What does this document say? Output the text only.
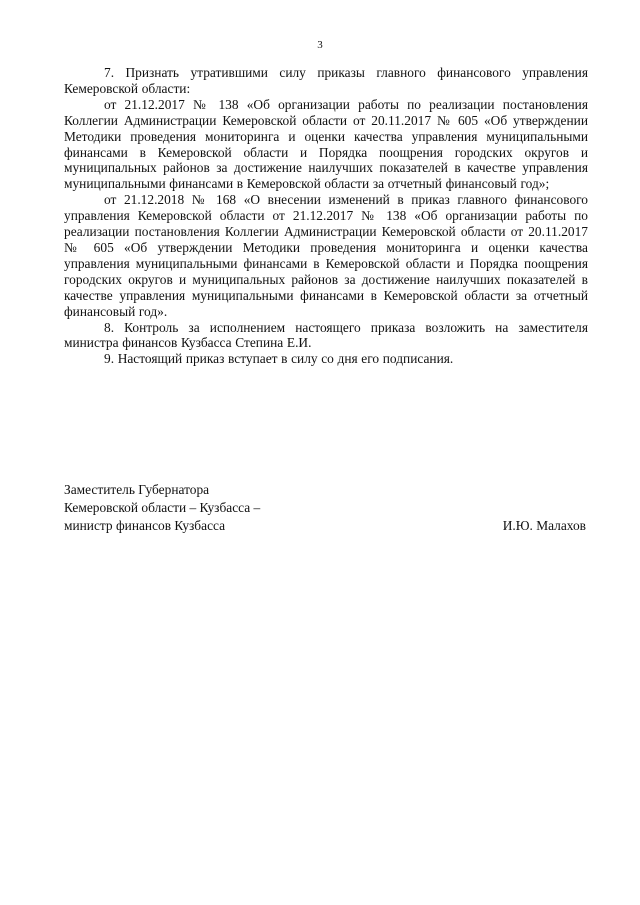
3

7. Признать утратившими силу приказы главного финансового управления Кемеровской области:

от 21.12.2017 № 138 «Об организации работы по реализации постановления Коллегии Администрации Кемеровской области от 20.11.2017 № 605 «Об утверждении Методики проведения мониторинга и оценки качества управления муниципальными финансами в Кемеровской области и Порядка поощрения городских округов и муниципальных районов за достижение наилучших показателей в качестве управления муниципальными финансами в Кемеровской области за отчетный финансовый год»;

от 21.12.2018 № 168 «О внесении изменений в приказ главного финансового управления Кемеровской области от 21.12.2017 № 138 «Об организации работы по реализации постановления Коллегии Администрации Кемеровской области от 20.11.2017 № 605 «Об утверждении Методики проведения мониторинга и оценки качества управления муниципальными финансами в Кемеровской области и Порядка поощрения городских округов и муниципальных районов за достижение наилучших показателей в качестве управления муниципальными финансами в Кемеровской области за отчетный финансовый год».

8. Контроль за исполнением настоящего приказа возложить на заместителя министра финансов Кузбасса Степина Е.И.

9. Настоящий приказ вступает в силу со дня его подписания.

Заместитель Губернатора
Кемеровской области – Кузбасса –
министр финансов Кузбасса	И.Ю. Малахов
